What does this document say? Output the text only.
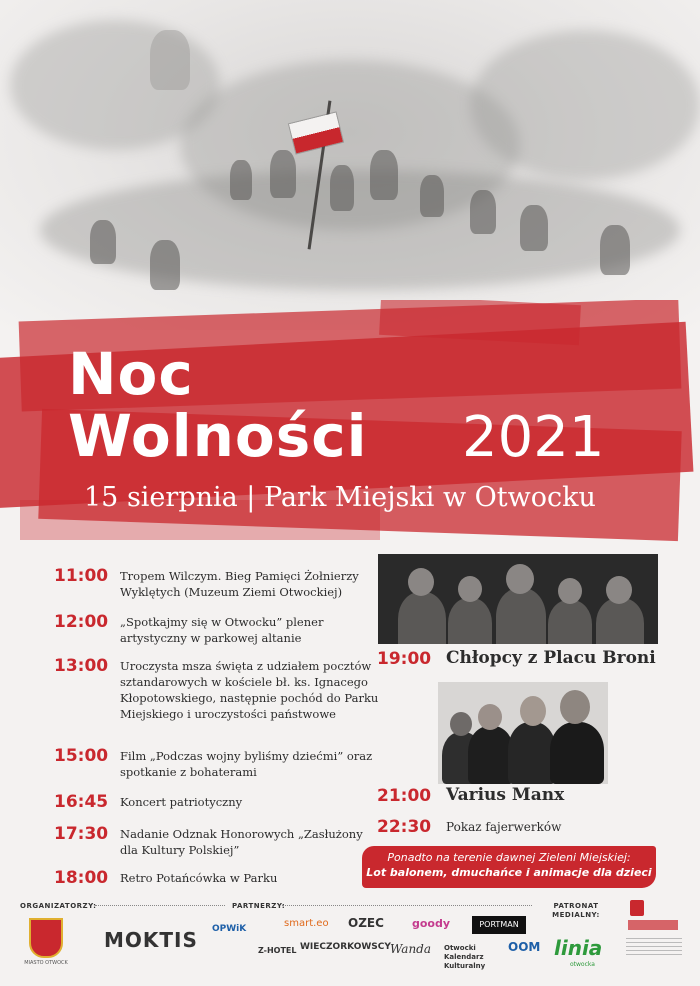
Noc
Wolności 2021
15 sierpnia | Park Miejski w Otwocku
11:00	Tropem Wilczym. Bieg Pamięci Żołnierzy Wyklętych (Muzeum Ziemi Otwockiej)
12:00	„Spotkajmy się w Otwocku” plener artystyczny w parkowej altanie
13:00	Uroczysta msza święta z udziałem pocztów sztandarowych w kościele bł. ks. Ignacego Kłopotowskiego, następnie pochód do Parku Miejskiego i uroczystości państwowe
15:00	Film „Podczas wojny byliśmy dziećmi” oraz spotkanie z bohaterami
16:45	Koncert patriotyczny
17:30	Nadanie Odznak Honorowych „Zasłużony dla Kultury Polskiej”
18:00	Retro Potańcówka w Parku
19:00 Chłopcy z Placu Broni
21:00 Varius Manx
22:30 Pokaz fajerwerków
Ponadto na terenie dawnej Zieleni Miejskiej:
Lot balonem, dmuchańce i animacje dla dzieci
ORGANIZATORZY:	PARTNERZY:	PATRONAT MEDIALNY:
MIASTO OTWOCK
MOKTIS OPWiK
Z-HOTEL WIECZORKOWSCY
smart.eo OZEC	goody	PORTMAN
Wanda Otwocki Kalendarz Kulturalny
OOM linia
otwocka
